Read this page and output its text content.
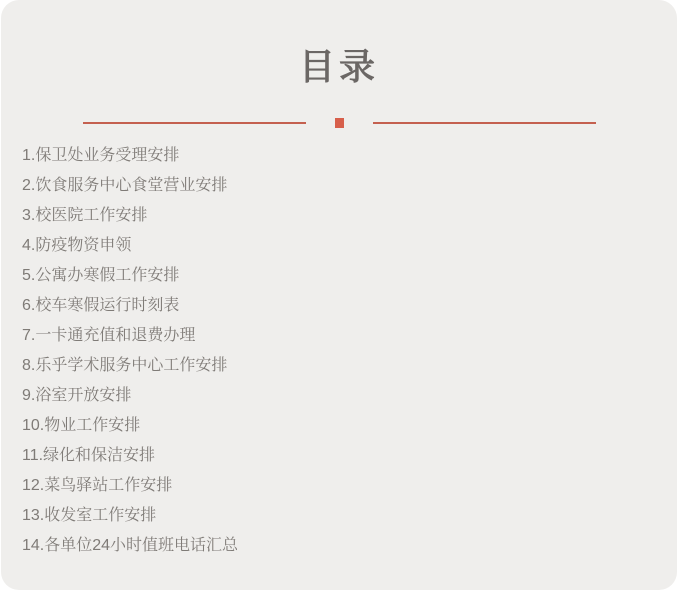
目录
1.保卫处业务受理安排
2.饮食服务中心食堂营业安排
3.校医院工作安排
4.防疫物资申领
5.公寓办寒假工作安排
6.校车寒假运行时刻表
7.一卡通充值和退费办理
8.乐乎学术服务中心工作安排
9.浴室开放安排
10.物业工作安排
11.绿化和保洁安排
12.菜鸟驿站工作安排
13.收发室工作安排
14.各单位24小时值班电话汇总
